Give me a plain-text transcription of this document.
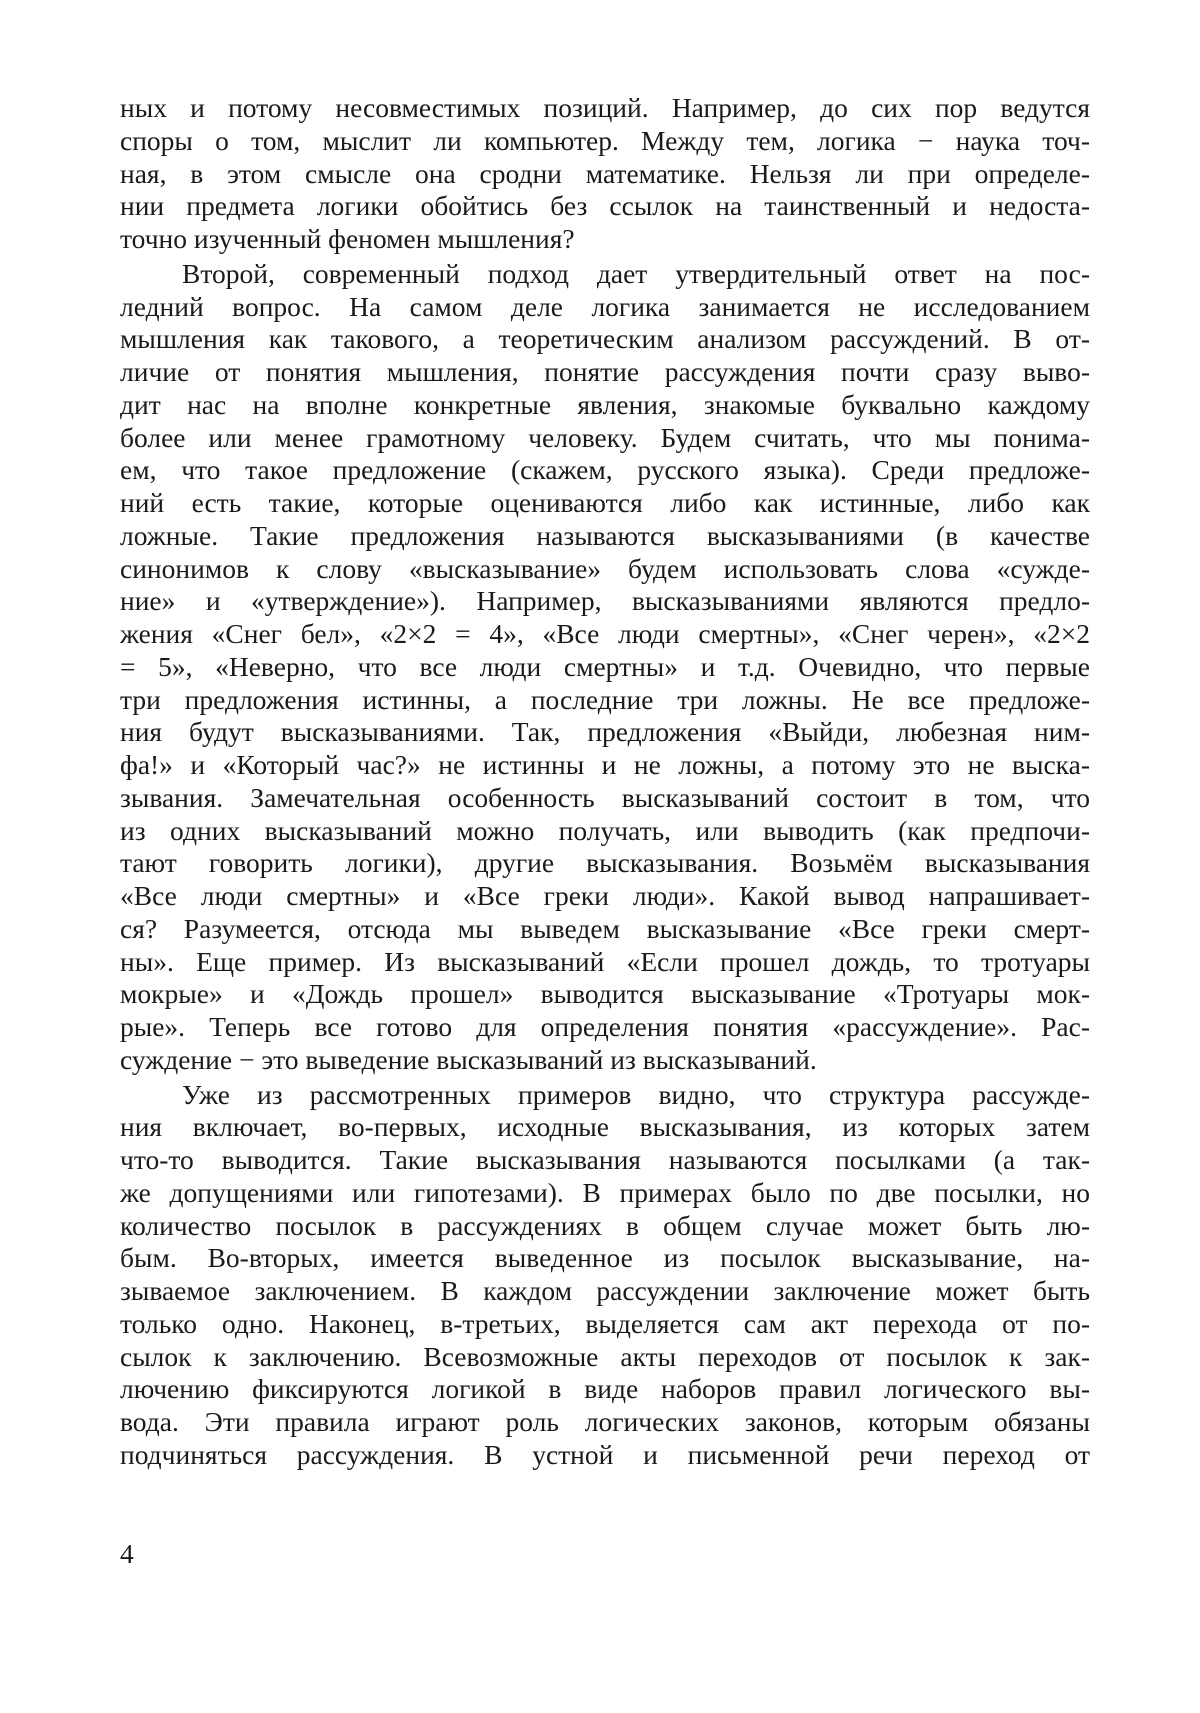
ных и потому несовместимых позиций. Например, до сих пор ведутся
споры о том, мыслит ли компьютер. Между тем, логика − наука точ-
ная, в этом смысле она сродни математике. Нельзя ли при определе-
нии предмета логики обойтись без ссылок на таинственный и недоста-
точно изученный феномен мышления?
Второй, современный подход дает утвердительный ответ на пос-
ледний вопрос. На самом деле логика занимается не исследованием
мышления как такового, а теоретическим анализом рассуждений. В от-
личие от понятия мышления, понятие рассуждения почти сразу выво-
дит нас на вполне конкретные явления, знакомые буквально каждому
более или менее грамотному человеку. Будем считать, что мы понима-
ем, что такое предложение (скажем, русского языка). Среди предложе-
ний есть такие, которые оцениваются либо как истинные, либо как
ложные. Такие предложения называются высказываниями (в качестве
синонимов к слову «высказывание» будем использовать слова «сужде-
ние» и «утверждение»). Например, высказываниями являются предло-
жения «Снег бел», «2×2 = 4», «Все люди смертны», «Снег черен», «2×2
= 5», «Неверно, что все люди смертны» и т.д. Очевидно, что первые
три предложения истинны, а последние три ложны. Не все предложе-
ния будут высказываниями. Так, предложения «Выйди, любезная ним-
фа!» и «Который час?» не истинны и не ложны, а потому это не выска-
зывания. Замечательная особенность высказываний состоит в том, что
из одних высказываний можно получать, или выводить (как предпочи-
тают говорить логики), другие высказывания. Возьмём высказывания
«Все люди смертны» и «Все греки люди». Какой вывод напрашивает-
ся? Разумеется, отсюда мы выведем высказывание «Все греки смерт-
ны». Еще пример. Из высказываний «Если прошел дождь, то тротуары
мокрые» и «Дождь прошел» выводится высказывание «Тротуары мок-
рые». Теперь все готово для определения понятия «рассуждение». Рас-
суждение − это выведение высказываний из высказываний.
Уже из рассмотренных примеров видно, что структура рассужде-
ния включает, во-первых, исходные высказывания, из которых затем
что-то выводится. Такие высказывания называются посылками (а так-
же допущениями или гипотезами). В примерах было по две посылки, но
количество посылок в рассуждениях в общем случае может быть лю-
бым. Во-вторых, имеется выведенное из посылок высказывание, на-
зываемое заключением. В каждом рассуждении заключение может быть
только одно. Наконец, в-третьих, выделяется сам акт перехода от по-
сылок к заключению. Всевозможные акты переходов от посылок к зак-
лючению фиксируются логикой в виде наборов правил логического вы-
вода. Эти правила играют роль логических законов, которым обязаны
подчиняться рассуждения. В устной и письменной речи переход от
4
